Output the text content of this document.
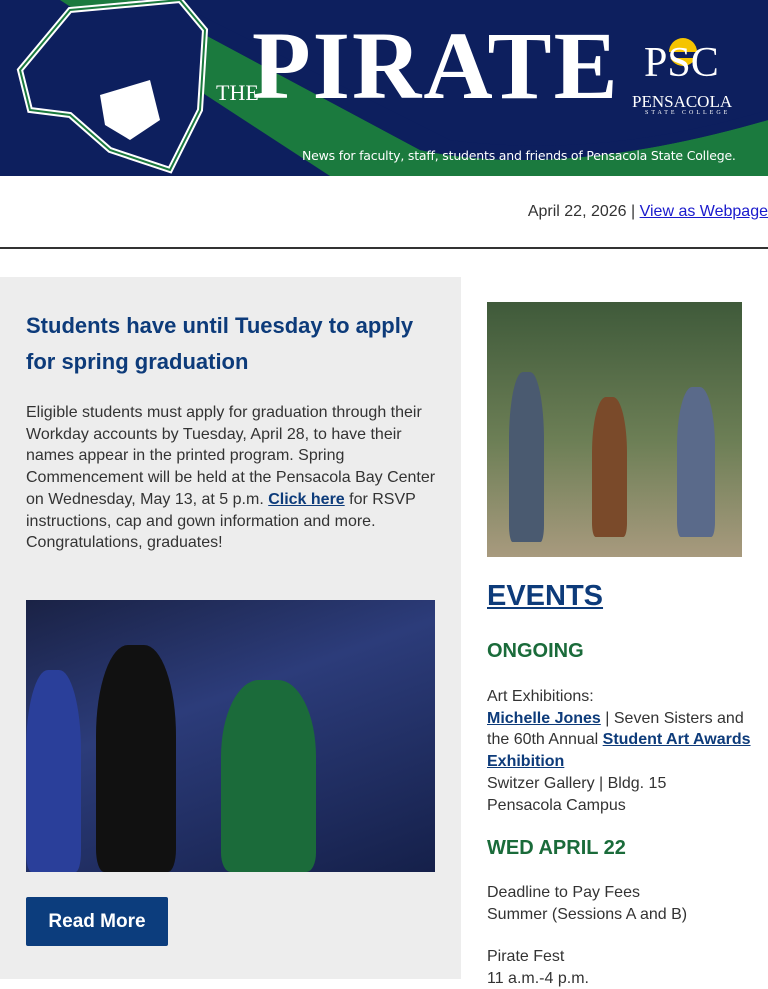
THE
PIRATE PSC
PENSACOLA
STATE COLLEGE
News for faculty, staff, students and friends of Pensacola State College.
April 22, 2026 | View as Webpage
Students have until Tuesday to apply for spring graduation
Eligible students must apply for graduation through their Workday accounts by Tuesday, April 28, to have their names appear in the printed program. Spring Commencement will be held at the Pensacola Bay Center on Wednesday, May 13, at 5 p.m. Click here for RSVP instructions, cap and gown information and more. Congratulations, graduates!
Read More
EVENTS
ONGOING
Art Exhibitions:
Michelle Jones | Seven Sisters and the 60th Annual Student Art Awards Exhibition
Switzer Gallery | Bldg. 15
Pensacola Campus
WED APRIL 22
Deadline to Pay Fees
Summer (Sessions A and B)
Pirate Fest
11 a.m.-4 p.m.
